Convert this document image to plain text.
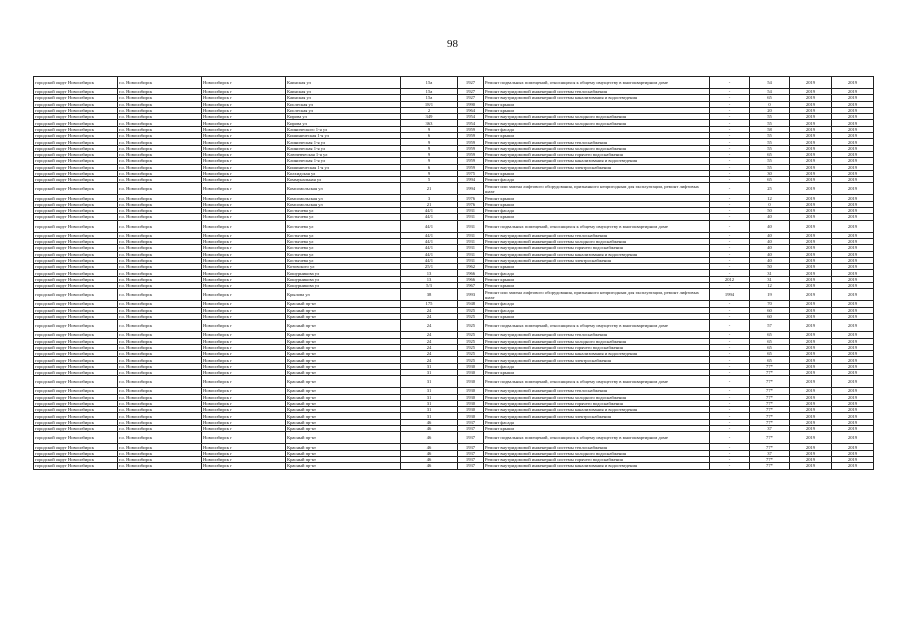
98
городской округ Новосибирск	г.о. Новосибирск	Новосибирск г	Каинская ул	15а	1927	Ремонт подвальных помещений, относящихся к общему имуществу в многоквартирном доме	-	54	2019	2019
городской округ Новосибирск	г.о. Новосибирск	Новосибирск г	Каинская ул	15а	1927	Ремонт внутридомовой инженерной системы теплоснабжения	-	54	2019	2019
городской округ Новосибирск	г.о. Новосибирск	Новосибирск г	Каинская ул	15а	1927	Ремонт внутридомовой инженерной системы канализования и водоотведения	-	65	2019	2019
городской округ Новосибирск	г.о. Новосибирск	Новосибирск г	Кислеская ул	18/1	1990	Ремонт крыши	-	0	2019	2019
городской округ Новосибирск	г.о. Новосибирск	Новосибирск г	Кислеская ул	2	1964	Ремонт крыши	-	20	2019	2019
городской округ Новосибирск	г.о. Новосибирск	Новосибирск г	Кирова ул	349	1954	Ремонт внутридомовой инженерной системы холодного водоснабжения	-	55	2019	2019
городской округ Новосибирск	г.о. Новосибирск	Новосибирск г	Кирова ул	363	1954	Ремонт внутридомовой инженерной системы холодного водоснабжения	-	55	2019	2019
городской округ Новосибирск	г.о. Новосибирск	Новосибирск г	Клинического 1-я ул	9	1959	Ремонт фасада	-	58	2019	2019
городской округ Новосибирск	г.о. Новосибирск	Новосибирск г	Кишиническая 1-я ул	6	1959	Ремонт крыши	-	55	2019	2019
городской округ Новосибирск	г.о. Новосибирск	Новосибирск г	Клиническая 1-я ул	9	1959	Ремонт внутридомовой инженерной системы теплоснабжения	-	55	2019	2019
городской округ Новосибирск	г.о. Новосибирск	Новосибирск г	Клиническая 1-я ул	9	1959	Ремонт внутридомовой инженерной системы холодного водоснабжения	-	55	2019	2019
городской округ Новосибирск	г.о. Новосибирск	Новосибирск г	Ключевческая 1-я ул	9	1959	Ремонт внутридомовой инженерной системы горячего водоснабжения	-	65	2019	2019
городской округ Новосибирск	г.о. Новосибирск	Новосибирск г	Клиническая 1-я ул	9	1959	Ремонт внутридомовой инженерной системы канализования и водоотведения	-	55	2019	2019
городской округ Новосибирск	г.о. Новосибирск	Новосибирск г	Кишиническая 1-я ул	6	1959	Ремонт внутридомовой инженерной системы электроснабжения	-	55	2019	2019
городской округ Новосибирск	г.о. Новосибирск	Новосибирск г	Колхидская ул	9	1975	Ремонт крыши	-	30	2019	2019
городской округ Новосибирск	г.о. Новосибирск	Новосибирск г	Коммунальная ул	5	1994	Ремонт фасада	-	65	2019	2019
городской округ Новосибирск	г.о. Новосибирск	Новосибирск г	Комсомольская ул	21	1994	Ремонт или замена лифтового оборудования, признанного непригодным для эксплуатации, ремонт лифтовых шахт	-	25	2019	2019
городской округ Новосибирск	г.о. Новосибирск	Новосибирск г	Комсомольская ул	3	1976	Ремонт крыши	-	12	2019	2019
городской округ Новосибирск	г.о. Новосибирск	Новосибирск г	Комсомольская ул	21	1976	Ремонт крыши	-	0	2019	2019
городской округ Новосибирск	г.о. Новосибирск	Новосибирск г	Костычева ул	44/1	1931	Ремонт фасада	-	50	2019	2019
городской округ Новосибирск	г.о. Новосибирск	Новосибирск г	Костычева ул	44/1	1931	Ремонт крыши	-	40	2019	2019
городской округ Новосибирск	г.о. Новосибирск	Новосибирск г	Костычева ул	44/1	1931	Ремонт подвальных помещений, относящихся к общему имуществу в многоквартирном доме	-	40	2019	2019
городской округ Новосибирск	г.о. Новосибирск	Новосибирск г	Костычева ул	44/1	1931	Ремонт внутридомовой инженерной системы теплоснабжения	-	40	2019	2019
городской округ Новосибирск	г.о. Новосибирск	Новосибирск г	Костычева ул	44/1	1931	Ремонт внутридомовой инженерной системы холодного водоснабжения	-	40	2019	2019
городской округ Новосибирск	г.о. Новосибирск	Новосибирск г	Костычева ул	44/1	1931	Ремонт внутридомовой инженерной системы горячего водоснабжения	-	40	2019	2019
городской округ Новосибирск	г.о. Новосибирск	Новосибирск г	Костычева ул	44/1	1931	Ремонт внутридомовой инженерной системы канализования и водоотведения	-	40	2019	2019
городской округ Новосибирск	г.о. Новосибирск	Новосибирск г	Костычева ул	44/1	1931	Ремонт внутридомовой инженерной системы электроснабжения	-	40	2019	2019
городской округ Новосибирск	г.о. Новосибирск	Новосибирск г	Котовского ул	25/1	1962	Ремонт крыши	-	50	2019	2019
городской округ Новосибирск	г.о. Новосибирск	Новосибирск г	Кошурникова ул	13	1966	Ремонт фасада	-	31	2019	2019
городской округ Новосибирск	г.о. Новосибирск	Новосибирск г	Кошурникова ул	13	1966	Ремонт крыши	2012	31	2019	2019
городской округ Новосибирск	г.о. Новосибирск	Новосибирск г	Кошурникова ул	5/3	1967	Ремонт крыши	-	12	2019	2019
городской округ Новосибирск	г.о. Новосибирск	Новосибирск г	Крылова ул	38	1993	Ремонт или замена лифтового оборудования, признанного непригодным для эксплуатации, ремонт лифтовых шахт	1994	19	2019	2019
городской округ Новосибирск	г.о. Новосибирск	Новосибирск г	Красный пр-кт	175	1948	Ремонт фасада	-	70	2019	2019
городской округ Новосибирск	г.о. Новосибирск	Новосибирск г	Красный пр-кт	24	1925	Ремонт фасада	-	60	2019	2019
городской округ Новосибирск	г.о. Новосибирск	Новосибирск г	Красный пр-кт	24	1925	Ремонт крыши	-	60	2019	2019
городской округ Новосибирск	г.о. Новосибирск	Новосибирск г	Красный пр-кт	24	1925	Ремонт подвальных помещений, относящихся к общему имуществу в многоквартирном доме	-	57	2019	2019
городской округ Новосибирск	г.о. Новосибирск	Новосибирск г	Красный пр-кт	24	1925	Ремонт внутридомовой инженерной системы теплоснабжения	-	65	2019	2019
городской округ Новосибирск	г.о. Новосибирск	Новосибирск г	Красный пр-кт	24	1925	Ремонт внутридомовой инженерной системы холодного водоснабжения	-	65	2019	2019
городской округ Новосибирск	г.о. Новосибирск	Новосибирск г	Красный пр-кт	24	1925	Ремонт внутридомовой инженерной системы горячего водоснабжения	-	65	2019	2019
городской округ Новосибирск	г.о. Новосибирск	Новосибирск г	Красный пр-кт	24	1925	Ремонт внутридомовой инженерной системы канализования и водоотведения	-	65	2019	2019
городской округ Новосибирск	г.о. Новосибирск	Новосибирск г	Красный пр-кт	24	1925	Ремонт внутридомовой инженерной системы электроснабжения	-	65	2019	2019
городской округ Новосибирск	г.о. Новосибирск	Новосибирск г	Красный пр-кт	31	1930	Ремонт фасада	-	77*	2019	2019
городской округ Новосибирск	г.о. Новосибирск	Новосибирск г	Красный пр-кт	31	1930	Ремонт крыши	-	77*	2019	2019
городской округ Новосибирск	г.о. Новосибирск	Новосибирск г	Красный пр-кт	31	1930	Ремонт подвальных помещений, относящихся к общему имуществу в многоквартирном доме	-	77*	2019	2019
городской округ Новосибирск	г.о. Новосибирск	Новосибирск г	Красный пр-кт	31	1930	Ремонт внутридомовой инженерной системы теплоснабжения	-	77*	2019	2019
городской округ Новосибирск	г.о. Новосибирск	Новосибирск г	Красный пр-кт	31	1930	Ремонт внутридомовой инженерной системы холодного водоснабжения	-	77*	2019	2019
городской округ Новосибирск	г.о. Новосибирск	Новосибирск г	Красный пр-кт	31	1930	Ремонт внутридомовой инженерной системы горячего водоснабжения	-	77*	2019	2019
городской округ Новосибирск	г.о. Новосибирск	Новосибирск г	Красный пр-кт	31	1930	Ремонт внутридомовой инженерной системы канализования и водоотведения	-	77*	2019	2019
городской округ Новосибирск	г.о. Новосибирск	Новосибирск г	Красный пр-кт	31	1930	Ремонт внутридомовой инженерной системы электроснабжения	-	77*	2019	2019
городской округ Новосибирск	г.о. Новосибирск	Новосибирск г	Красный пр-кт	46	1937	Ремонт фасада	-	77*	2019	2019
городской округ Новосибирск	г.о. Новосибирск	Новосибирск г	Красный пр-кт	46	1937	Ремонт крыши	-	37	2019	2019
городской округ Новосибирск	г.о. Новосибирск	Новосибирск г	Красный пр-кт	46	1937	Ремонт подвальных помещений, относящихся к общему имуществу в многоквартирном доме	-	77*	2019	2019
городской округ Новосибирск	г.о. Новосибирск	Новосибирск г	Красный пр-кт	46	1937	Ремонт внутридомовой инженерной системы теплоснабжения	-	77*	2019	2019
городской округ Новосибирск	г.о. Новосибирск	Новосибирск г	Красный пр-кт	46	1937	Ремонт внутридомовой инженерной системы холодного водоснабжения	-	37	2019	2019
городской округ Новосибирск	г.о. Новосибирск	Новосибирск г	Красный пр-кт	46	1937	Ремонт внутридомовой инженерной системы горячего водоснабжения	-	77*	2019	2019
городской округ Новосибирск	г.о. Новосибирск	Новосибирск г	Красный пр-кт	46	1937	Ремонт внутридомовой инженерной системы канализования и водоотведения	-	77*	2019	2019
